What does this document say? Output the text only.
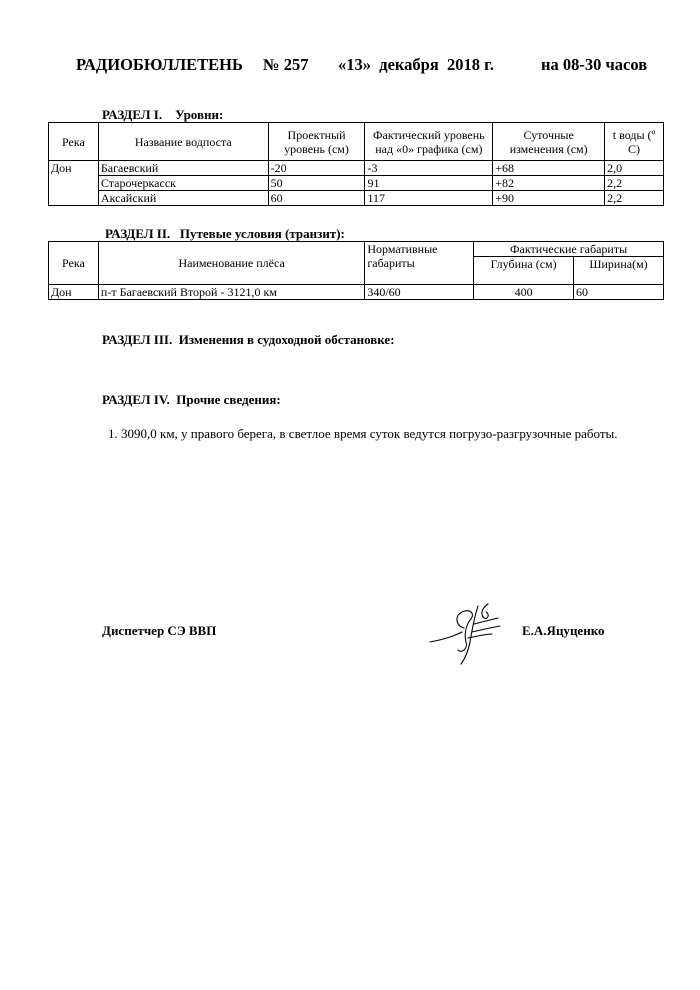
РАДИОБЮЛЛЕТЕНЬ № 257 «13»  декабря  2018 г.	на 08-30 часов
РАЗДЕЛ I.    Уровни:
Река	Название водпоста	Проектный уровень (см)	Фактический уровень над «0» графика (см)	Суточные изменения (см)	t воды (º С)
Дон	Багаевский	-20	-3	+68	2,0
	Старочеркасск	50	91	+82	2,2
	Аксайский	60	117	+90	2,2
РАЗДЕЛ II.   Путевые условия (транзит):
Река	Наименование плёса	Нормативные габариты	Фактические габариты	
			Глубина (см)	Ширина(м)
Дон	п-т Багаевский Второй - 3121,0 км	340/60	400	60
РАЗДЕЛ III.  Изменения в судоходной обстановке:
РАЗДЕЛ IV.  Прочие сведения:
1. 3090,0 км, у правого берега, в светлое время суток ведутся погрузо-разгрузочные работы.
Диспетчер СЭ ВВП	Е.А.Яцуценко
